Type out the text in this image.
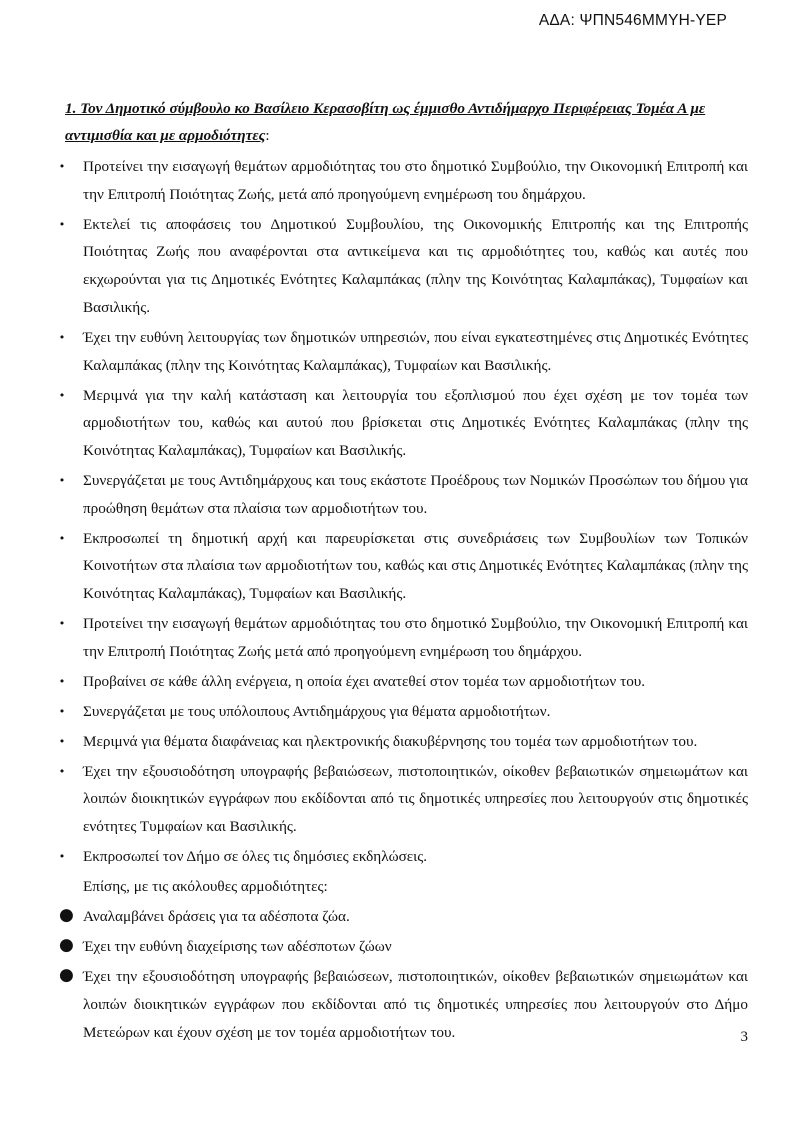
ΑΔΑ: ΨΠΝ546ΜΜΥΗ-ΥΕΡ
1. Τον Δημοτικό σύμβουλο κο Βασίλειο Κερασοβίτη ως έμμισθο Αντιδήμαρχο Περιφέρειας Τομέα Α με αντιμισθία και με αρμοδιότητες:
• Προτείνει την εισαγωγή θεμάτων αρμοδιότητας του στο δημοτικό Συμβούλιο, την Οικονομική Επιτροπή και την Επιτροπή Ποιότητας Ζωής, μετά από προηγούμενη ενημέρωση του δημάρχου.
• Εκτελεί τις αποφάσεις του Δημοτικού Συμβουλίου, της Οικονομικής Επιτροπής και της Επιτροπής Ποιότητας Ζωής που αναφέρονται στα αντικείμενα και τις αρμοδιότητες του, καθώς και αυτές που εκχωρούνται για τις Δημοτικές Ενότητες Καλαμπάκας (πλην της Κοινότητας Καλαμπάκας), Τυμφαίων και Βασιλικής.
• Έχει την ευθύνη λειτουργίας των δημοτικών υπηρεσιών, που είναι εγκατεστημένες στις Δημοτικές Ενότητες Καλαμπάκας (πλην της Κοινότητας Καλαμπάκας), Τυμφαίων και Βασιλικής.
• Μεριμνά για την καλή κατάσταση και λειτουργία του εξοπλισμού που έχει σχέση με τον τομέα των αρμοδιοτήτων του, καθώς και αυτού που βρίσκεται στις Δημοτικές Ενότητες Καλαμπάκας (πλην της Κοινότητας Καλαμπάκας), Τυμφαίων και Βασιλικής.
• Συνεργάζεται με τους Αντιδημάρχους και τους εκάστοτε Προέδρους των Νομικών Προσώπων του δήμου για προώθηση θεμάτων στα πλαίσια των αρμοδιοτήτων του.
• Εκπροσωπεί τη δημοτική αρχή και παρευρίσκεται στις συνεδριάσεις των Συμβουλίων των Τοπικών Κοινοτήτων στα πλαίσια των αρμοδιοτήτων του, καθώς και στις Δημοτικές Ενότητες Καλαμπάκας (πλην της Κοινότητας Καλαμπάκας), Τυμφαίων και Βασιλικής.
• Προτείνει την εισαγωγή θεμάτων αρμοδιότητας του στο δημοτικό Συμβούλιο, την Οικονομική Επιτροπή και την Επιτροπή Ποιότητας Ζωής μετά από προηγούμενη ενημέρωση του δημάρχου.
• Προβαίνει σε κάθε άλλη ενέργεια, η οποία έχει ανατεθεί στον τομέα των αρμοδιοτήτων του.
• Συνεργάζεται με τους υπόλοιπους Αντιδημάρχους για θέματα αρμοδιοτήτων.
• Μεριμνά για θέματα διαφάνειας και ηλεκτρονικής διακυβέρνησης του τομέα των αρμοδιοτήτων του.
• Έχει την εξουσιοδότηση υπογραφής βεβαιώσεων, πιστοποιητικών, οίκοθεν βεβαιωτικών σημειωμάτων και λοιπών διοικητικών εγγράφων που εκδίδονται από τις δημοτικές υπηρεσίες που λειτουργούν στις δημοτικές ενότητες Τυμφαίων και Βασιλικής.
• Εκπροσωπεί τον Δήμο σε όλες τις δημόσιες εκδηλώσεις.
Επίσης, με τις ακόλουθες αρμοδιότητες:
● Αναλαμβάνει δράσεις για τα αδέσποτα ζώα.
● Έχει την ευθύνη διαχείρισης των αδέσποτων ζώων
● Έχει την εξουσιοδότηση υπογραφής βεβαιώσεων, πιστοποιητικών, οίκοθεν βεβαιωτικών σημειωμάτων και λοιπών διοικητικών εγγράφων που εκδίδονται από τις δημοτικές υπηρεσίες που λειτουργούν στο Δήμο Μετεώρων και έχουν σχέση με τον τομέα αρμοδιοτήτων του.	3
